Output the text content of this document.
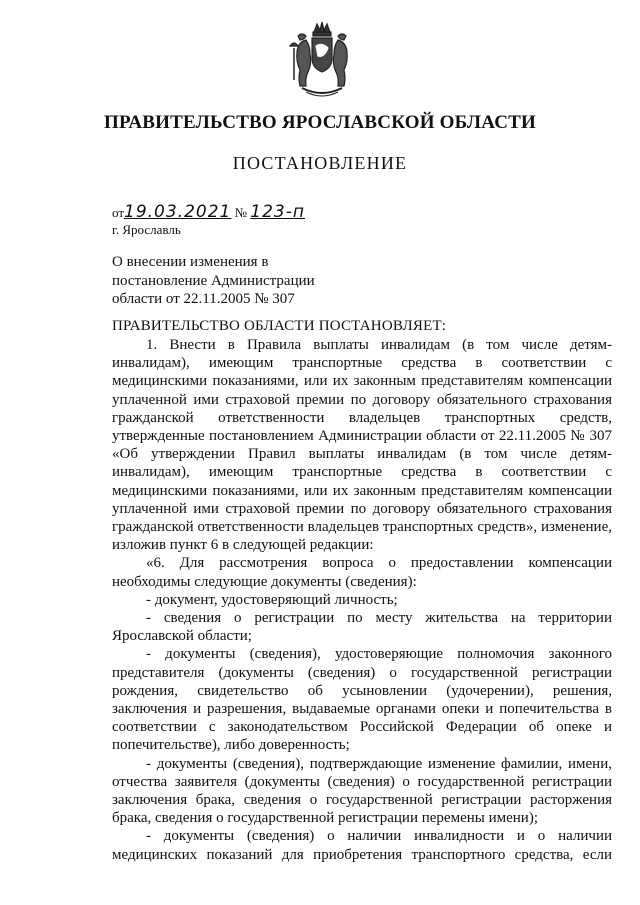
ПРАВИТЕЛЬСТВО ЯРОСЛАВСКОЙ ОБЛАСТИ
ПОСТАНОВЛЕНИЕ
от19.03.2021 № 123-п
г. Ярославль
О внесении изменения в
постановление Администрации
области от 22.11.2005 № 307
ПРАВИТЕЛЬСТВО ОБЛАСТИ ПОСТАНОВЛЯЕТ:
1. Внести в Правила выплаты инвалидам (в том числе детям-
инвалидам), имеющим транспортные средства в соответствии с
медицинскими показаниями, или их законным представителям компенсации
уплаченной ими страховой премии по договору обязательного страхования
гражданской ответственности владельцев транспортных средств,
утвержденные постановлением Администрации области от 22.11.2005 № 307
«Об утверждении Правил выплаты инвалидам (в том числе детям-
инвалидам), имеющим транспортные средства в соответствии с
медицинскими показаниями, или их законным представителям компенсации
уплаченной ими страховой премии по договору обязательного страхования
гражданской ответственности владельцев транспортных средств», изменение,
изложив пункт 6 в следующей редакции:
«6. Для рассмотрения вопроса о предоставлении компенсации
необходимы следующие документы (сведения):
- документ, удостоверяющий личность;
- сведения о регистрации по месту жительства на территории
Ярославской области;
- документы (сведения), удостоверяющие полномочия законного
представителя (документы (сведения) о государственной регистрации
рождения, свидетельство об усыновлении (удочерении), решения,
заключения и разрешения, выдаваемые органами опеки и попечительства в
соответствии с законодательством Российской Федерации об опеке и
попечительстве), либо доверенность;
- документы (сведения), подтверждающие изменение фамилии, имени,
отчества заявителя (документы (сведения) о государственной регистрации
заключения брака, сведения о государственной регистрации расторжения
брака, сведения о государственной регистрации перемены имени);
- документы (сведения) о наличии инвалидности и о наличии
медицинских показаний для приобретения транспортного средства, если
